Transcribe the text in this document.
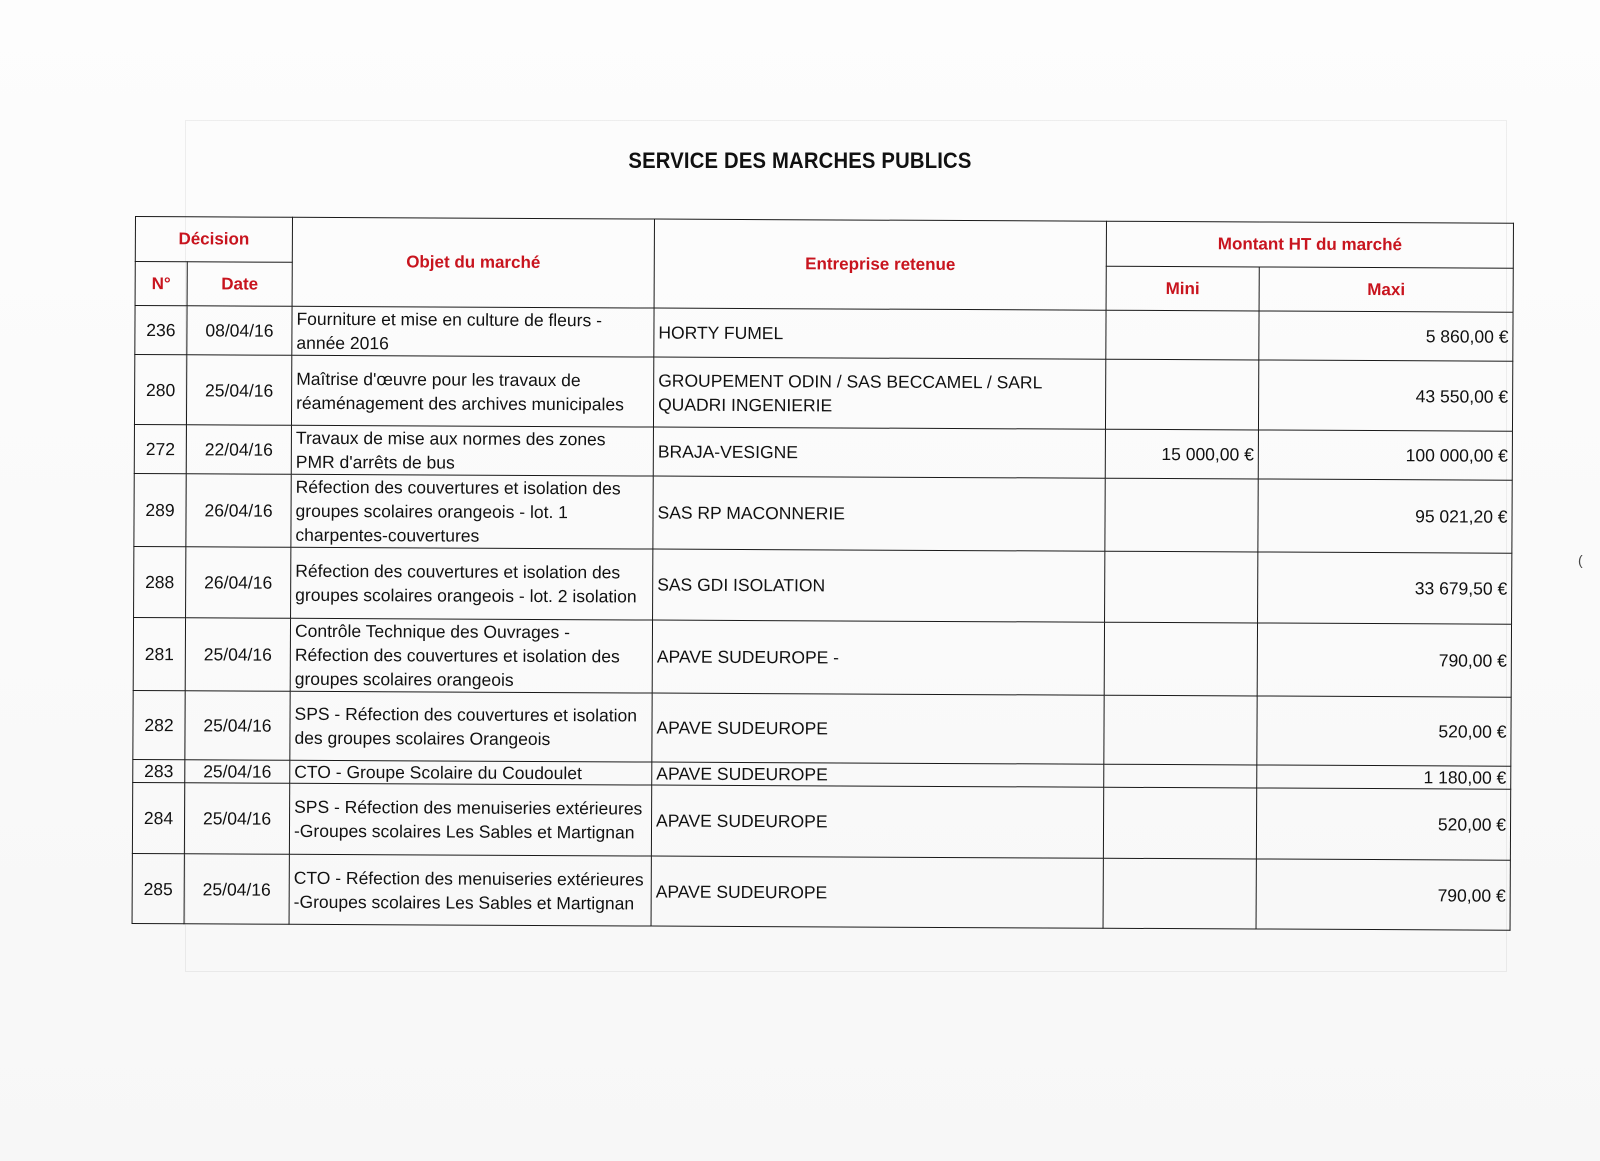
SERVICE DES MARCHES PUBLICS
Décision		Objet du marché	Entreprise retenue	Montant HT du marché	
N°	Date			Mini	Maxi
236	08/04/16	Fourniture et mise en culture de fleurs - année 2016	HORTY FUMEL		5 860,00 €
280	25/04/16	Maîtrise d'œuvre pour les travaux de réaménagement des archives municipales	GROUPEMENT ODIN / SAS BECCAMEL / SARL QUADRI INGENIERIE		43 550,00 €
272	22/04/16	Travaux de mise aux normes des zones PMR d'arrêts de bus	BRAJA-VESIGNE	15 000,00 €	100 000,00 €
289	26/04/16	Réfection des couvertures et isolation des groupes scolaires orangeois - lot. 1 charpentes-couvertures	SAS RP MACONNERIE		95 021,20 €
288	26/04/16	Réfection des couvertures et isolation des groupes scolaires orangeois - lot. 2 isolation	SAS GDI ISOLATION		33 679,50 €
281	25/04/16	Contrôle Technique des Ouvrages - Réfection des couvertures et isolation des groupes scolaires orangeois	APAVE SUDEUROPE -		790,00 €
282	25/04/16	SPS - Réfection des couvertures et isolation des groupes scolaires Orangeois	APAVE SUDEUROPE		520,00 €
283	25/04/16	CTO - Groupe Scolaire du Coudoulet	APAVE SUDEUROPE		1 180,00 €
284	25/04/16	SPS - Réfection des menuiseries extérieures -Groupes scolaires Les Sables et Martignan	APAVE SUDEUROPE		520,00 €
285	25/04/16	CTO - Réfection des menuiseries extérieures -Groupes scolaires Les Sables et Martignan	APAVE SUDEUROPE		790,00 €
(
